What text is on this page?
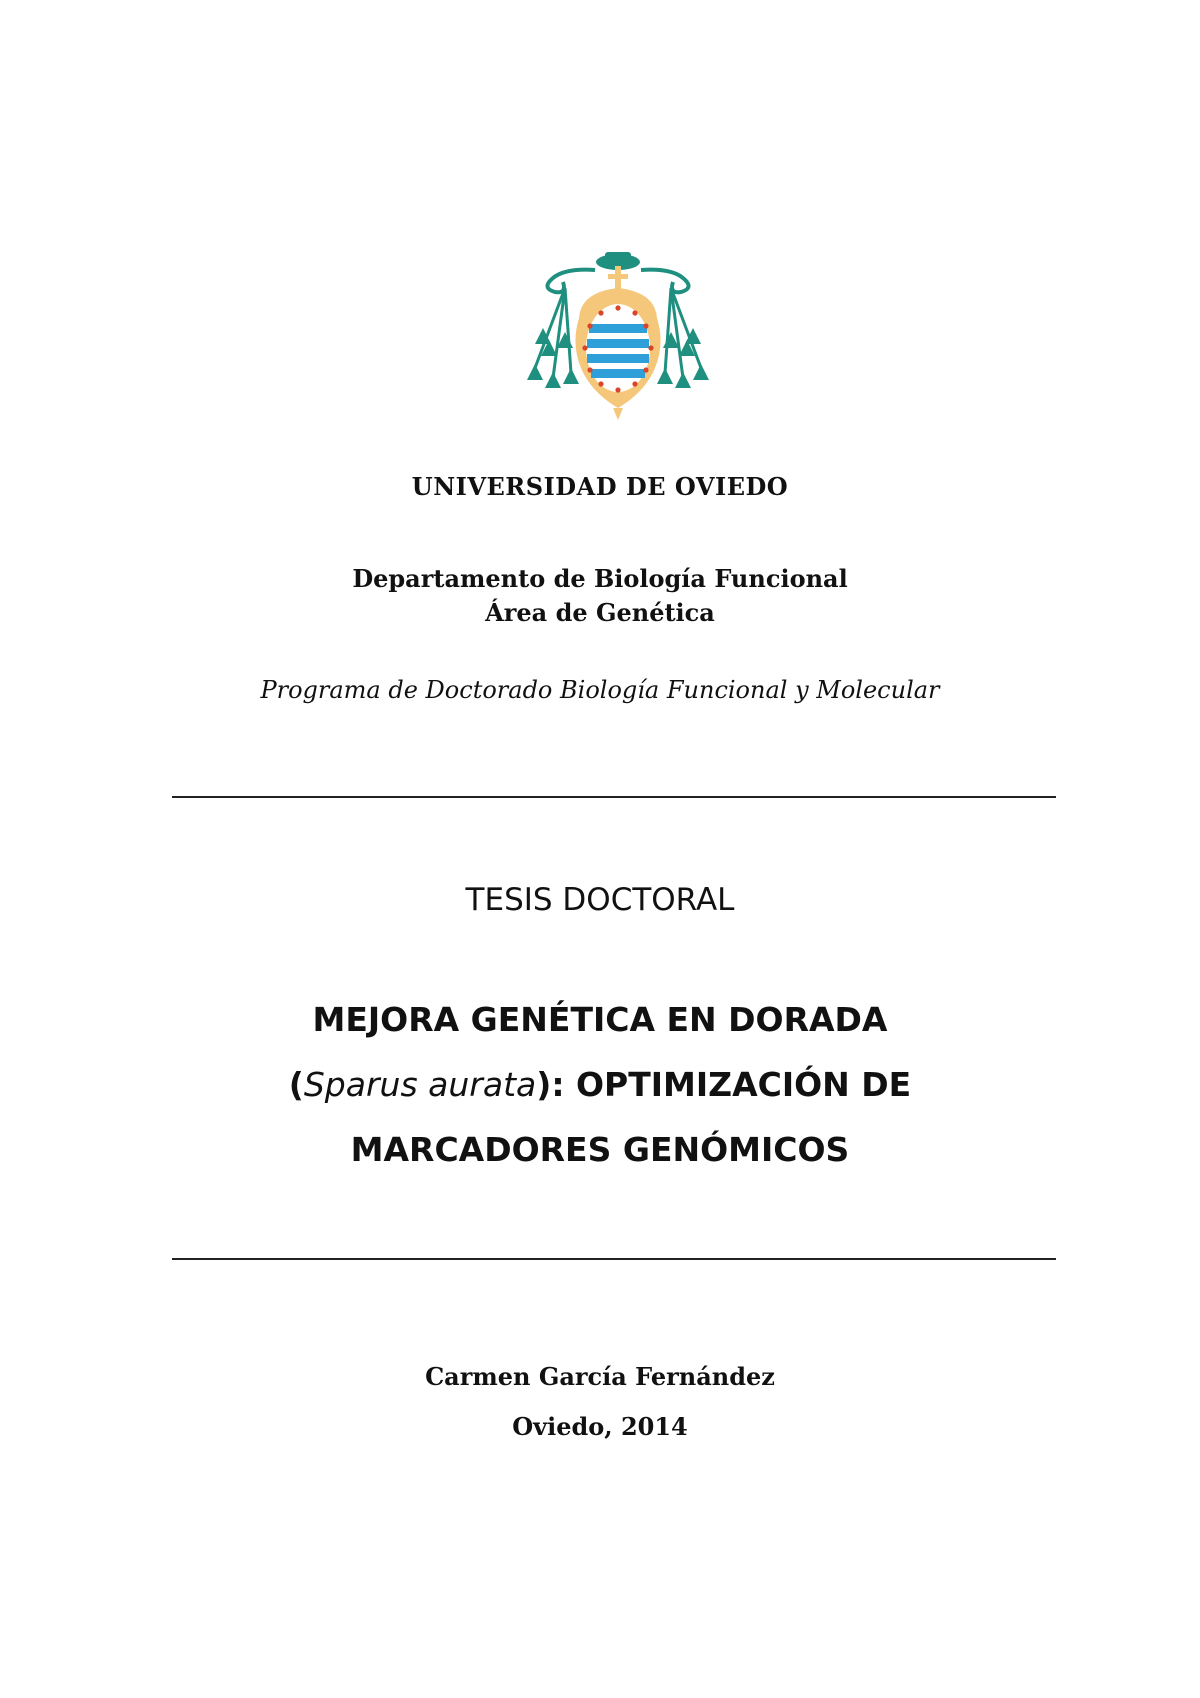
UNIVERSIDAD DE OVIEDO
Departamento de Biología Funcional
Área de Genética
Programa de Doctorado Biología Funcional y Molecular
TESIS DOCTORAL
MEJORA GENÉTICA EN DORADA
(Sparus aurata): OPTIMIZACIÓN DE
MARCADORES GENÓMICOS
Carmen García Fernández
Oviedo, 2014
